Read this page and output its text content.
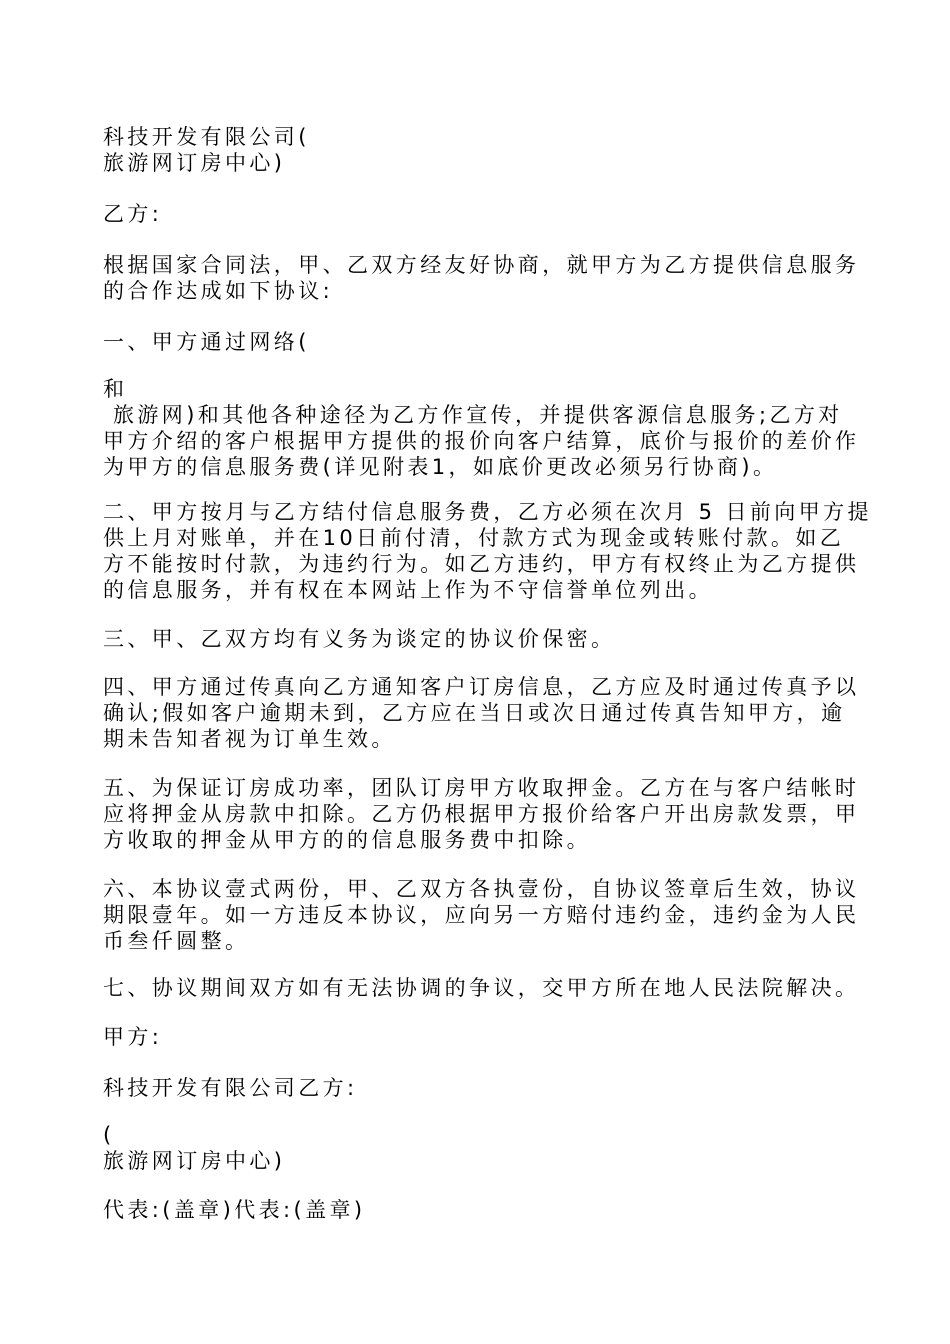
科技开发有限公司(
旅游网订房中心)
乙方:
根据国家合同法，甲、乙双方经友好协商，就甲方为乙方提供信息服务
的合作达成如下协议:
一、甲方通过网络(
和
旅游网)和其他各种途径为乙方作宣传，并提供客源信息服务;乙方对
甲方介绍的客户根据甲方提供的报价向客户结算，底价与报价的差价作
为甲方的信息服务费(详见附表1，如底价更改必须另行协商)。
二、甲方按月与乙方结付信息服务费，乙方必须在次月 5 日前向甲方提
供上月对账单，并在10日前付清，付款方式为现金或转账付款。如乙
方不能按时付款，为违约行为。如乙方违约，甲方有权终止为乙方提供
的信息服务，并有权在本网站上作为不守信誉单位列出。
三、甲、乙双方均有义务为谈定的协议价保密。
四、甲方通过传真向乙方通知客户订房信息，乙方应及时通过传真予以
确认;假如客户逾期未到，乙方应在当日或次日通过传真告知甲方，逾
期未告知者视为订单生效。
五、为保证订房成功率，团队订房甲方收取押金。乙方在与客户结帐时
应将押金从房款中扣除。乙方仍根据甲方报价给客户开出房款发票，甲
方收取的押金从甲方的的信息服务费中扣除。
六、本协议壹式两份，甲、乙双方各执壹份，自协议签章后生效，协议
期限壹年。如一方违反本协议，应向另一方赔付违约金，违约金为人民
币叁仟圆整。
七、协议期间双方如有无法协调的争议，交甲方所在地人民法院解决。
甲方:
科技开发有限公司乙方:
(
旅游网订房中心)
代表:(盖章)代表:(盖章)
